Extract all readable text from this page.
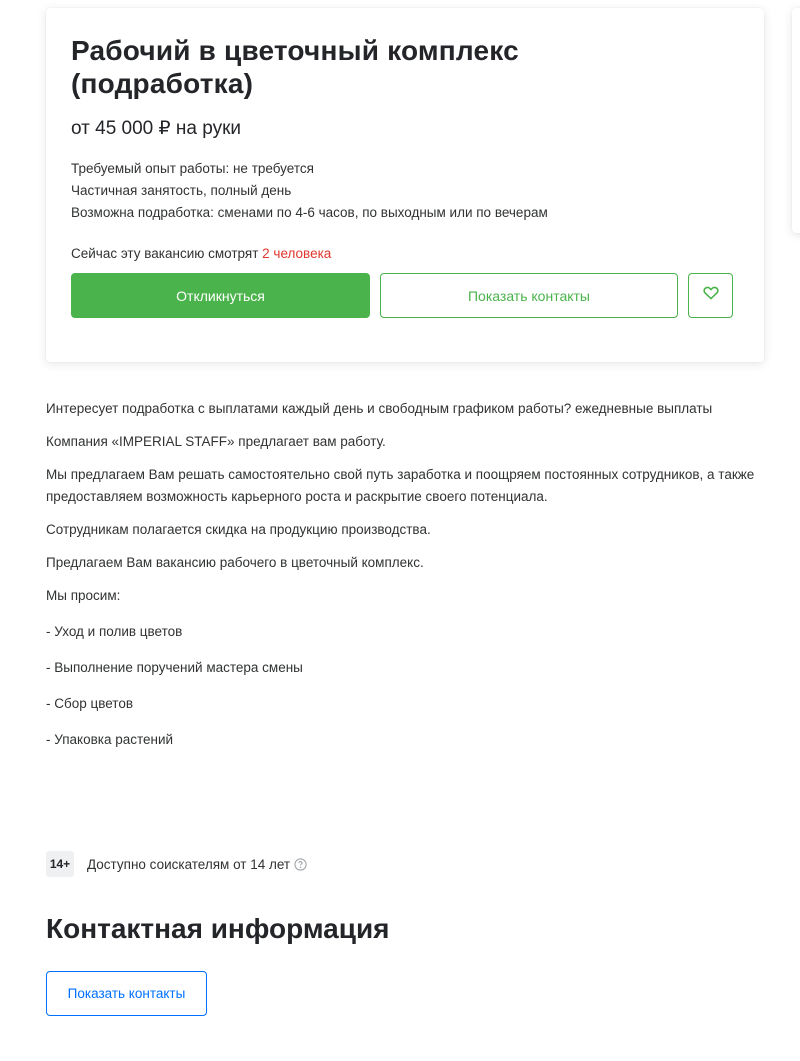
Рабочий в цветочный комплекс
(подработка)
от 45 000 ₽ на руки
Требуемый опыт работы: не требуется
Частичная занятость, полный день
Возможна подработка: сменами по 4-6 часов, по выходным или по вечерам
Сейчас эту вакансию смотрят 2 человека
Откликнуться	Показать контакты

Интересует подработка с выплатами каждый день и свободным графиком работы? ежедневные выплаты

Компания «IMPERIAL STAFF» предлагает вам работу.

Мы предлагаем Вам решать самостоятельно свой путь заработка и поощряем постоянных сотрудников, а также предоставляем возможность карьерного роста и раскрытие своего потенциала.

Сотрудникам полагается скидка на продукцию производства.

Предлагаем Вам вакансию рабочего в цветочный комплекс.

Мы просим:

- Уход и полив цветов

- Выполнение поручений мастера смены

- Сбор цветов

- Упаковка растений

14+ Доступно соискателям от 14 лет
Контактная информация
Показать контакты
